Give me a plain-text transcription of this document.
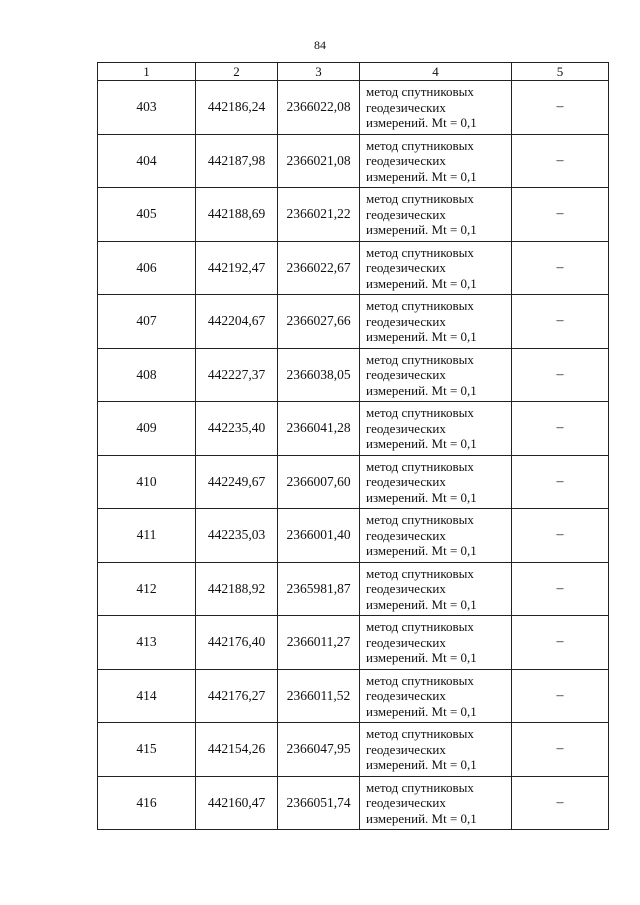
84
1	2	3	4	5
403	442186,24	2366022,08	метод спутниковых
геодезических
измерений. Mt = 0,1	–
404	442187,98	2366021,08	метод спутниковых
геодезических
измерений. Mt = 0,1	–
405	442188,69	2366021,22	метод спутниковых
геодезических
измерений. Mt = 0,1	–
406	442192,47	2366022,67	метод спутниковых
геодезических
измерений. Mt = 0,1	–
407	442204,67	2366027,66	метод спутниковых
геодезических
измерений. Mt = 0,1	–
408	442227,37	2366038,05	метод спутниковых
геодезических
измерений. Mt = 0,1	–
409	442235,40	2366041,28	метод спутниковых
геодезических
измерений. Mt = 0,1	–
410	442249,67	2366007,60	метод спутниковых
геодезических
измерений. Mt = 0,1	–
411	442235,03	2366001,40	метод спутниковых
геодезических
измерений. Mt = 0,1	–
412	442188,92	2365981,87	метод спутниковых
геодезических
измерений. Mt = 0,1	–
413	442176,40	2366011,27	метод спутниковых
геодезических
измерений. Mt = 0,1	–
414	442176,27	2366011,52	метод спутниковых
геодезических
измерений. Mt = 0,1	–
415	442154,26	2366047,95	метод спутниковых
геодезических
измерений. Mt = 0,1	–
416	442160,47	2366051,74	метод спутниковых
геодезических
измерений. Mt = 0,1	–
